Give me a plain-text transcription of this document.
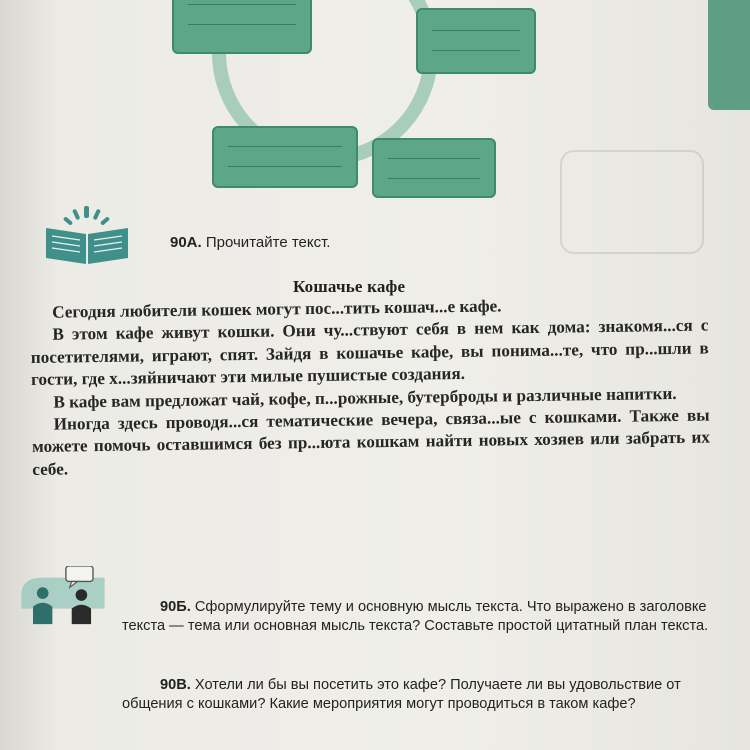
90А. Прочитайте текст.
Кошачье кафе

Сегодня любители кошек могут пос...тить кошач...е кафе.

В этом кафе живут кошки. Они чу...ствуют себя в нем как дома: знакомя...ся с посетителями, играют, спят. Зайдя в кошачье кафе, вы понима...те, что пр...шли в гости, где х...зяйничают эти милые пушистые создания.

В кафе вам предложат чай, кофе, п...рожные, бутерброды и различные напитки.

Иногда здесь проводя...ся тематические вечера, связа...ые с кошками. Также вы можете помочь оставшимся без пр...юта кошкам найти новых хозяев или забрать их себе.

90Б. Сформулируйте тему и основную мысль текста. Что выражено в заголовке текста — тема или основная мысль текста? Составьте простой цитатный план текста.
90В. Хотели ли бы вы посетить это кафе? Получаете ли вы удовольствие от общения с кошками? Какие мероприятия могут проводиться в таком кафе?
